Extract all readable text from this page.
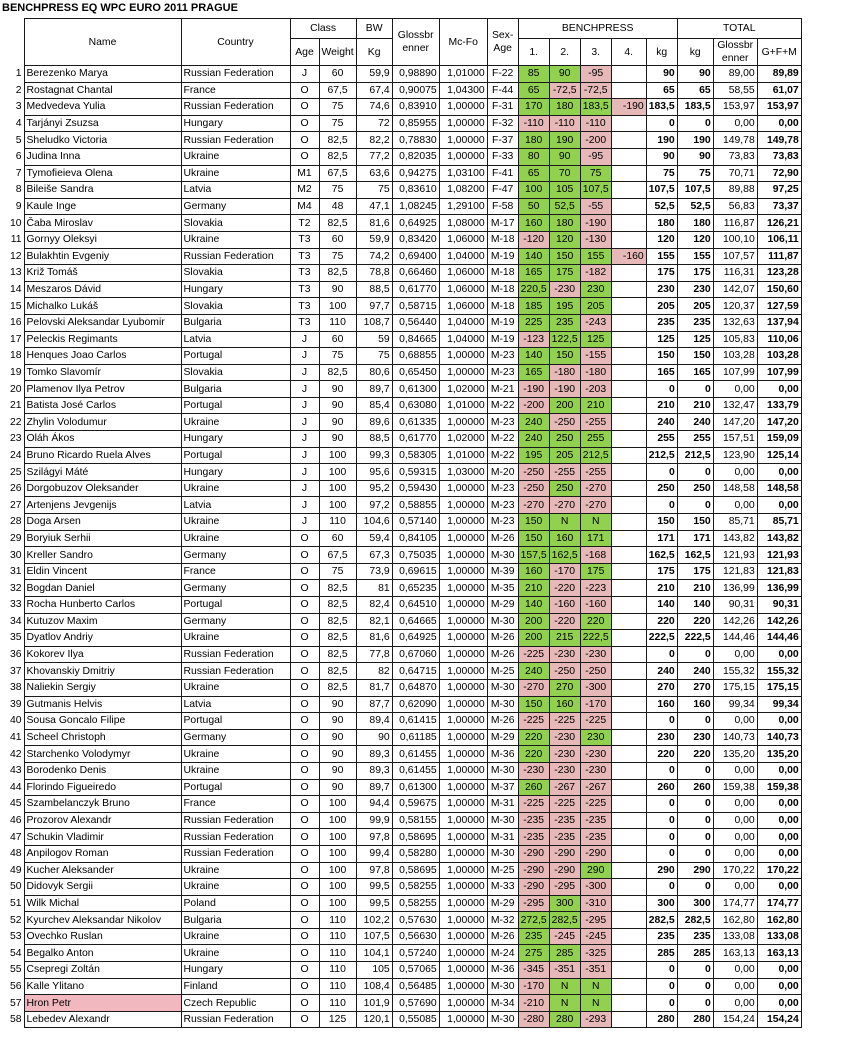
BENCHPRESS EQ WPC EURO 2011 PRAGUE
	Name	Country	Class		BW	Glossbr enner	Mc-Fo	Sex-Age	BENCHPRESS					TOTAL		
			Age	Weight	Kg				1.	2.	3.	4.	kg	kg	Glossbr enner	G+F+M
1	Berezenko Marya	Russian Federation	J	60	59,9	0,98890	1,01000	F-22	85	90	-95		90	90	89,00	89,89
2	Rostagnat Chantal	France	O	67,5	67,4	0,90075	1,04300	F-44	65	-72,5	-72,5		65	65	58,55	61,07
3	Medvedeva Yulia	Russian Federation	O	75	74,6	0,83910	1,00000	F-31	170	180	183,5	-190	183,5	183,5	153,97	153,97
4	Tarjányi Zsuzsa	Hungary	O	75	72	0,85955	1,00000	F-32	-110	-110	-110		0	0	0,00	0,00
5	Sheludko Victoria	Russian Federation	O	82,5	82,2	0,78830	1,00000	F-37	180	190	-200		190	190	149,78	149,78
6	Judina Inna	Ukraine	O	82,5	77,2	0,82035	1,00000	F-33	80	90	-95		90	90	73,83	73,83
7	Tymofieieva Olena	Ukraine	M1	67,5	63,6	0,94275	1,03100	F-41	65	70	75		75	75	70,71	72,90
8	Bileiše Sandra	Latvia	M2	75	75	0,83610	1,08200	F-47	100	105	107,5		107,5	107,5	89,88	97,25
9	Kaule Inge	Germany	M4	48	47,1	1,08245	1,29100	F-58	50	52,5	-55		52,5	52,5	56,83	73,37
10	Čaba Miroslav	Slovakia	T2	82,5	81,6	0,64925	1,08000	M-17	160	180	-190		180	180	116,87	126,21
11	Gornyy Oleksyi	Ukraine	T3	60	59,9	0,83420	1,06000	M-18	-120	120	-130		120	120	100,10	106,11
12	Bulakhtin Evgeniy	Russian Federation	T3	75	74,2	0,69400	1,04000	M-19	140	150	155	-160	155	155	107,57	111,87
13	Križ Tomáš	Slovakia	T3	82,5	78,8	0,66460	1,06000	M-18	165	175	-182		175	175	116,31	123,28
14	Meszaros Dávid	Hungary	T3	90	88,5	0,61770	1,06000	M-18	220,5	-230	230		230	230	142,07	150,60
15	Michalko Lukáš	Slovakia	T3	100	97,7	0,58715	1,06000	M-18	185	195	205		205	205	120,37	127,59
16	Pelovski Aleksandar Lyubomir	Bulgaria	T3	110	108,7	0,56440	1,04000	M-19	225	235	-243		235	235	132,63	137,94
17	Peleckis Regimants	Latvia	J	60	59	0,84665	1,04000	M-19	-123	122,5	125		125	125	105,83	110,06
18	Henques Joao Carlos	Portugal	J	75	75	0,68855	1,00000	M-23	140	150	-155		150	150	103,28	103,28
19	Tomko Slavomír	Slovakia	J	82,5	80,6	0,65450	1,00000	M-23	165	-180	-180		165	165	107,99	107,99
20	Plamenov Ilya Petrov	Bulgaria	J	90	89,7	0,61300	1,02000	M-21	-190	-190	-203		0	0	0,00	0,00
21	Batista José Carlos	Portugal	J	90	85,4	0,63080	1,01000	M-22	-200	200	210		210	210	132,47	133,79
22	Zhylin Volodumur	Ukraine	J	90	89,6	0,61335	1,00000	M-23	240	-250	-255		240	240	147,20	147,20
23	Oláh Ákos	Hungary	J	90	88,5	0,61770	1,02000	M-22	240	250	255		255	255	157,51	159,09
24	Bruno Ricardo Ruela Alves	Portugal	J	100	99,3	0,58305	1,01000	M-22	195	205	212,5		212,5	212,5	123,90	125,14
25	Szilágyi Máté	Hungary	J	100	95,6	0,59315	1,03000	M-20	-250	-255	-255		0	0	0,00	0,00
26	Dorgobuzov Oleksander	Ukraine	J	100	95,2	0,59430	1,00000	M-23	-250	250	-270		250	250	148,58	148,58
27	Artenjens Jevgenijs	Latvia	J	100	97,2	0,58855	1,00000	M-23	-270	-270	-270		0	0	0,00	0,00
28	Doga Arsen	Ukraine	J	110	104,6	0,57140	1,00000	M-23	150	N	N		150	150	85,71	85,71
29	Boryiuk Serhii	Ukraine	O	60	59,4	0,84105	1,00000	M-26	150	160	171		171	171	143,82	143,82
30	Kreller Sandro	Germany	O	67,5	67,3	0,75035	1,00000	M-30	157,5	162,5	-168		162,5	162,5	121,93	121,93
31	Eldin Vincent	France	O	75	73,9	0,69615	1,00000	M-39	160	-170	175		175	175	121,83	121,83
32	Bogdan Daniel	Germany	O	82,5	81	0,65235	1,00000	M-35	210	-220	-223		210	210	136,99	136,99
33	Rocha Hunberto Carlos	Portugal	O	82,5	82,4	0,64510	1,00000	M-29	140	-160	-160		140	140	90,31	90,31
34	Kutuzov Maxim	Germany	O	82,5	82,1	0,64665	1,00000	M-30	200	-220	220		220	220	142,26	142,26
35	Dyatlov Andriy	Ukraine	O	82,5	81,6	0,64925	1,00000	M-26	200	215	222,5		222,5	222,5	144,46	144,46
36	Kokorev Ilya	Russian Federation	O	82,5	77,8	0,67060	1,00000	M-26	-225	-230	-230		0	0	0,00	0,00
37	Khovanskiy Dmitriy	Russian Federation	O	82,5	82	0,64715	1,00000	M-25	240	-250	-250		240	240	155,32	155,32
38	Naliekin Sergiy	Ukraine	O	82,5	81,7	0,64870	1,00000	M-30	-270	270	-300		270	270	175,15	175,15
39	Gutmanis Helvis	Latvia	O	90	87,7	0,62090	1,00000	M-30	150	160	-170		160	160	99,34	99,34
40	Sousa Goncalo Filipe	Portugal	O	90	89,4	0,61415	1,00000	M-26	-225	-225	-225		0	0	0,00	0,00
41	Scheel Christoph	Germany	O	90	90	0,61185	1,00000	M-29	220	-230	230		230	230	140,73	140,73
42	Starchenko Volodymyr	Ukraine	O	90	89,3	0,61455	1,00000	M-36	220	-230	-230		220	220	135,20	135,20
43	Borodenko Denis	Ukraine	O	90	89,3	0,61455	1,00000	M-30	-230	-230	-230		0	0	0,00	0,00
44	Florindo Figueiredo	Portugal	O	90	89,7	0,61300	1,00000	M-37	260	-267	-267		260	260	159,38	159,38
45	Szambelanczyk Bruno	France	O	100	94,4	0,59675	1,00000	M-31	-225	-225	-225		0	0	0,00	0,00
46	Prozorov Alexandr	Russian Federation	O	100	99,9	0,58155	1,00000	M-30	-235	-235	-235		0	0	0,00	0,00
47	Schukin Vladimir	Russian Federation	O	100	97,8	0,58695	1,00000	M-31	-235	-235	-235		0	0	0,00	0,00
48	Anpilogov Roman	Russian Federation	O	100	99,4	0,58280	1,00000	M-30	-290	-290	-290		0	0	0,00	0,00
49	Kucher Aleksander	Ukraine	O	100	97,8	0,58695	1,00000	M-25	-290	-290	290		290	290	170,22	170,22
50	Didovyk Sergii	Ukraine	O	100	99,5	0,58255	1,00000	M-33	-290	-295	-300		0	0	0,00	0,00
51	Wilk Michal	Poland	O	100	99,5	0,58255	1,00000	M-29	-295	300	-310		300	300	174,77	174,77
52	Kyurchev Aleksandar Nikolov	Bulgaria	O	110	102,2	0,57630	1,00000	M-32	272,5	282,5	-295		282,5	282,5	162,80	162,80
53	Ovechko Ruslan	Ukraine	O	110	107,5	0,56630	1,00000	M-26	235	-245	-245		235	235	133,08	133,08
54	Begalko Anton	Ukraine	O	110	104,1	0,57240	1,00000	M-24	275	285	-325		285	285	163,13	163,13
55	Csepregi Zoltán	Hungary	O	110	105	0,57065	1,00000	M-36	-345	-351	-351		0	0	0,00	0,00
56	Kalle Ylitano	Finland	O	110	108,4	0,56485	1,00000	M-30	-170	N	N		0	0	0,00	0,00
57	Hron Petr	Czech Republic	O	110	101,9	0,57690	1,00000	M-34	-210	N	N		0	0	0,00	0,00
58	Lebedev Alexandr	Russian Federation	O	125	120,1	0,55085	1,00000	M-30	-280	280	-293		280	280	154,24	154,24
